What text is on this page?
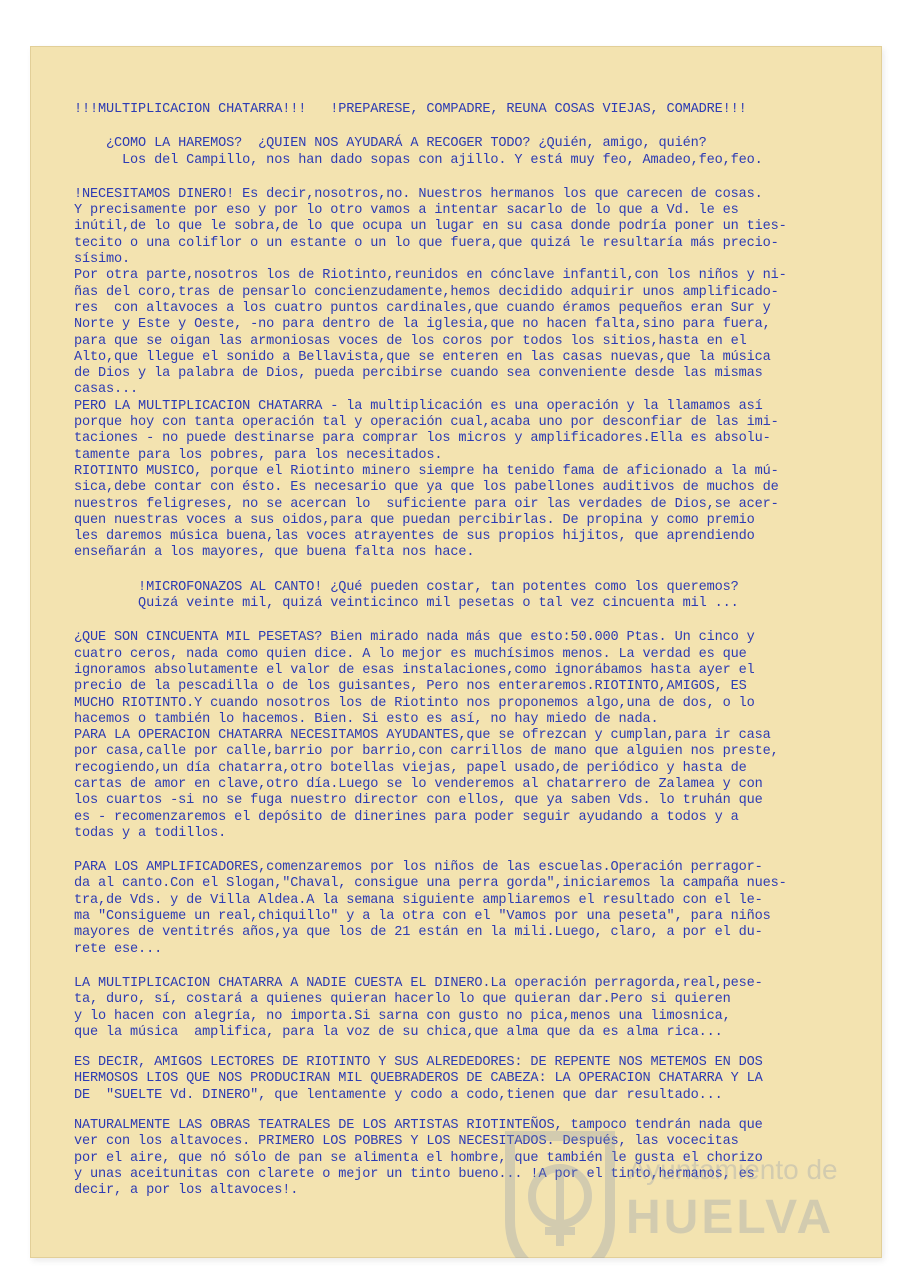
!!!MULTIPLICACION CHATARRA!!!   !PREPARESE, COMPADRE, REUNA COSAS VIEJAS, COMADRE!!!

¿COMO LA HAREMOS?  ¿QUIEN NOS AYUDARÁ A RECOGER TODO? ¿Quién, amigo, quién?

Los del Campillo, nos han dado sopas con ajillo. Y está muy feo, Amadeo,feo,feo.

!NECESITAMOS DINERO! Es decir,nosotros,no. Nuestros hermanos los que carecen de cosas.

Y precisamente por eso y por lo otro vamos a intentar sacarlo de lo que a Vd. le es

inútil,de lo que le sobra,de lo que ocupa un lugar en su casa donde podría poner un ties-

tecito o una coliflor o un estante o un lo que fuera,que quizá le resultaría más precio-

sísimo.

Por otra parte,nosotros los de Riotinto,reunidos en cónclave infantil,con los niños y ni-

ñas del coro,tras de pensarlo concienzudamente,hemos decidido adquirir unos amplificado-

res  con altavoces a los cuatro puntos cardinales,que cuando éramos pequeños eran Sur y

Norte y Este y Oeste, -no para dentro de la iglesia,que no hacen falta,sino para fuera,

para que se oigan las armoniosas voces de los coros por todos los sitios,hasta en el

Alto,que llegue el sonido a Bellavista,que se enteren en las casas nuevas,que la música

de Dios y la palabra de Dios, pueda percibirse cuando sea conveniente desde las mismas

casas...

PERO LA MULTIPLICACION CHATARRA - la multiplicación es una operación y la llamamos así

porque hoy con tanta operación tal y operación cual,acaba uno por desconfiar de las imi-

taciones - no puede destinarse para comprar los micros y amplificadores.Ella es absolu-

tamente para los pobres, para los necesitados.

RIOTINTO MUSICO, porque el Riotinto minero siempre ha tenido fama de aficionado a la mú-

sica,debe contar con ésto. Es necesario que ya que los pabellones auditivos de muchos de

nuestros feligreses, no se acercan lo  suficiente para oir las verdades de Dios,se acer-

quen nuestras voces a sus oidos,para que puedan percibirlas. De propina y como premio

les daremos música buena,las voces atrayentes de sus propios hijitos, que aprendiendo

enseñarán a los mayores, que buena falta nos hace.

!MICROFONAZOS AL CANTO! ¿Qué pueden costar, tan potentes como los queremos?

Quizá veinte mil, quizá veinticinco mil pesetas o tal vez cincuenta mil ...

¿QUE SON CINCUENTA MIL PESETAS? Bien mirado nada más que esto:50.000 Ptas. Un cinco y

cuatro ceros, nada como quien dice. A lo mejor es muchísimos menos. La verdad es que

ignoramos absolutamente el valor de esas instalaciones,como ignorábamos hasta ayer el

precio de la pescadilla o de los guisantes, Pero nos enteraremos.RIOTINTO,AMIGOS, ES

MUCHO RIOTINTO.Y cuando nosotros los de Riotinto nos proponemos algo,una de dos, o lo

hacemos o también lo hacemos. Bien. Si esto es así, no hay miedo de nada.

PARA LA OPERACION CHATARRA NECESITAMOS AYUDANTES,que se ofrezcan y cumplan,para ir casa

por casa,calle por calle,barrio por barrio,con carrillos de mano que alguien nos preste,

recogiendo,un día chatarra,otro botellas viejas, papel usado,de periódico y hasta de

cartas de amor en clave,otro día.Luego se lo venderemos al chatarrero de Zalamea y con

los cuartos -si no se fuga nuestro director con ellos, que ya saben Vds. lo truhán que

es - recomenzaremos el depósito de dinerines para poder seguir ayudando a todos y a

todas y a todillos.

PARA LOS AMPLIFICADORES,comenzaremos por los niños de las escuelas.Operación perragor-

da al canto.Con el Slogan,"Chaval, consigue una perra gorda",iniciaremos la campaña nues-

tra,de Vds. y de Villa Aldea.A la semana siguiente ampliaremos el resultado con el le-

ma "Consigueme un real,chiquillo" y a la otra con el "Vamos por una peseta", para niños

mayores de ventitrés años,ya que los de 21 están en la mili.Luego, claro, a por el du-

rete ese...

LA MULTIPLICACION CHATARRA A NADIE CUESTA EL DINERO.La operación perragorda,real,pese-

ta, duro, sí, costará a quienes quieran hacerlo lo que quieran dar.Pero si quieren

y lo hacen con alegría, no importa.Si sarna con gusto no pica,menos una limosnica,

que la música  amplifica, para la voz de su chica,que alma que da es alma rica...

ES DECIR, AMIGOS LECTORES DE RIOTINTO Y SUS ALREDEDORES: DE REPENTE NOS METEMOS EN DOS

HERMOSOS LIOS QUE NOS PRODUCIRAN MIL QUEBRADEROS DE CABEZA: LA OPERACION CHATARRA Y LA

DE  "SUELTE Vd. DINERO", que lentamente y codo a codo,tienen que dar resultado...

NATURALMENTE LAS OBRAS TEATRALES DE LOS ARTISTAS RIOTINTEÑOS, tampoco tendrán nada que

ver con los altavoces. PRIMERO LOS POBRES Y LOS NECESITADOS. Después, las vocecitas

por el aire, que nó sólo de pan se alimenta el hombre, que también le gusta el chorizo

y unas aceitunitas con clarete o mejor un tinto bueno... !A por el tinto,hermanos, es

decir, a por los altavoces!.

Ayuntamiento de
HUELVA
